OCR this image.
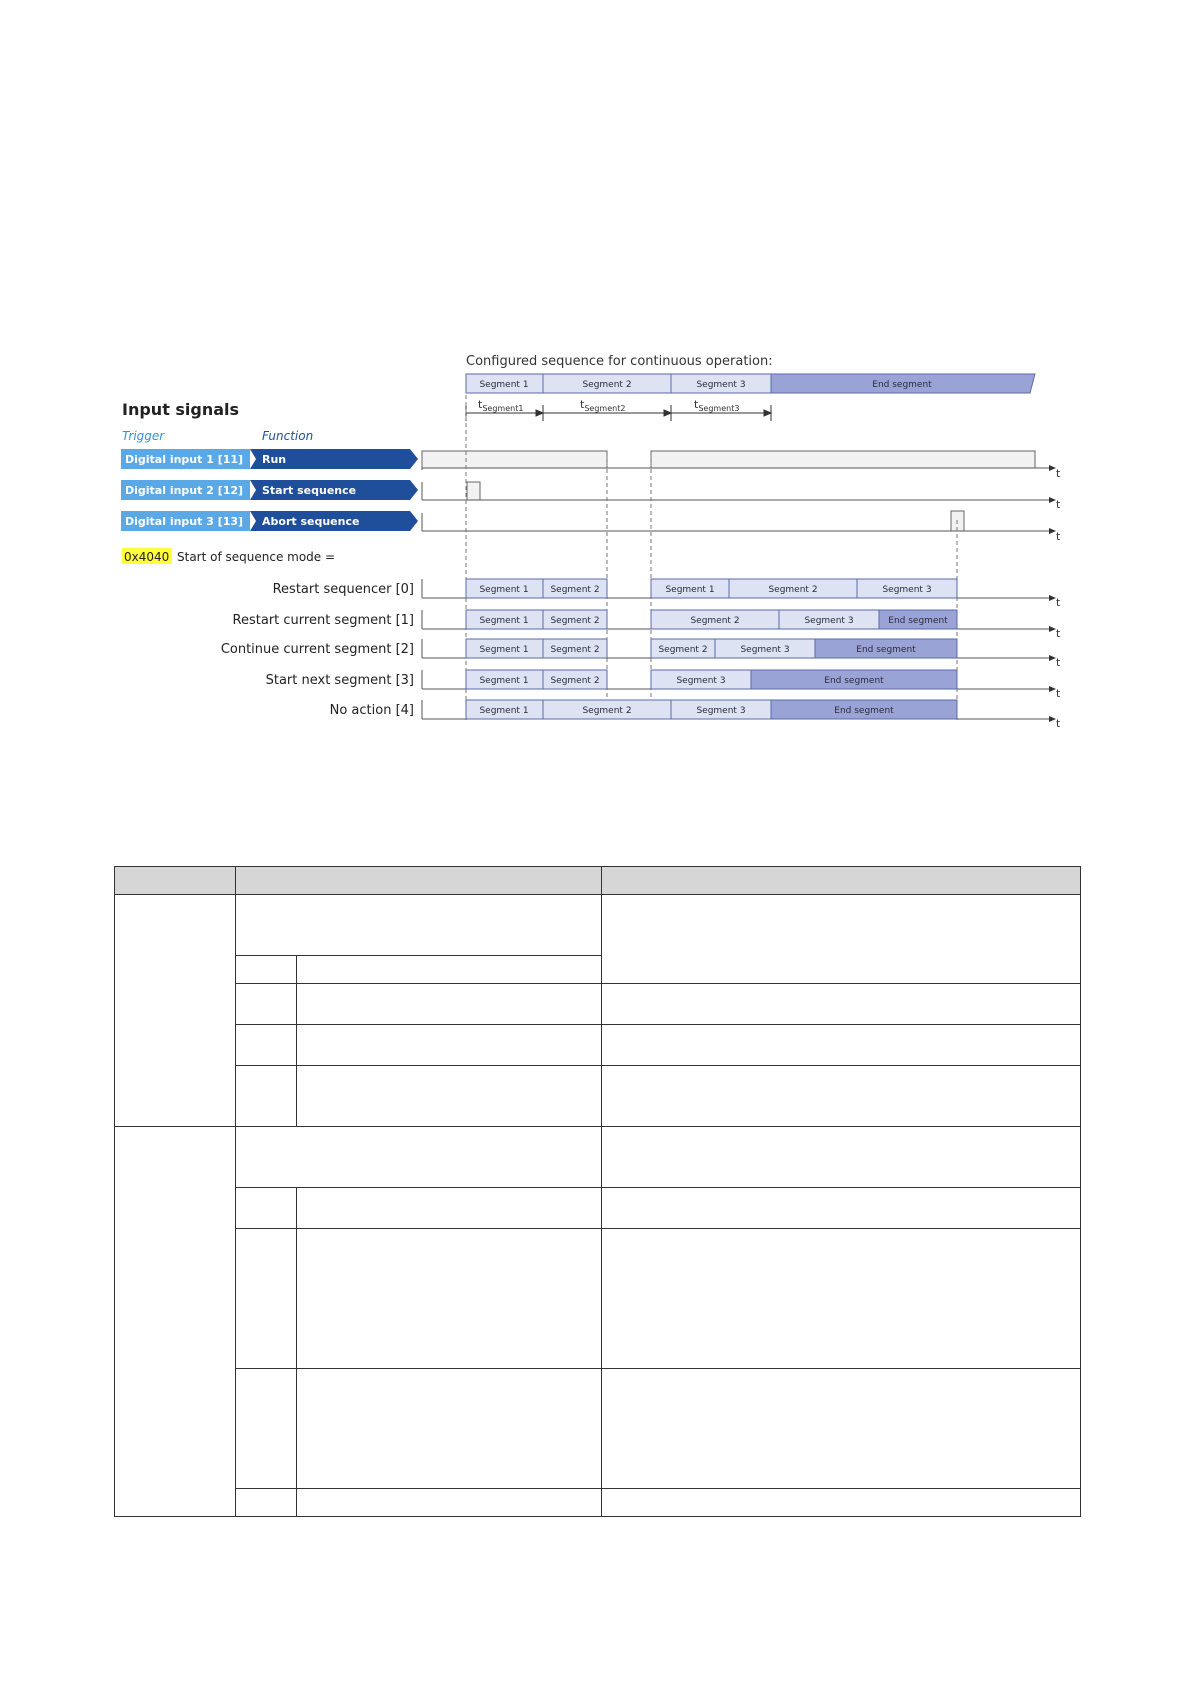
Configured sequence for continuous operation:
Segment 1	Segment 2	Segment 3	End segment
$t_{Segment1}$	$t_{Segment2}$	$t_{Segment3}$
Input signals
Trigger	Function
Digital input 1 [11] Run
Digital input 2 [12] Start sequence
Digital input 3 [13] Abort sequence
t
t
t
0x4040 Start of sequence mode =
Restart sequencer [0]	Segment 1 Segment 2	Segment 1	Segment 2	Segment 3
Restart current segment [1]	Segment 1 Segment 2	Segment 2	Segment 3	End segment
Continue current segment [2]	Segment 1 Segment 2	Segment 2	Segment 3	End segment
Start next segment [3]	Segment 1 Segment 2	Segment 3	End segment
No action [4]	Segment 1	Segment 2	Segment 3	End segment
t
t
t
t
t
